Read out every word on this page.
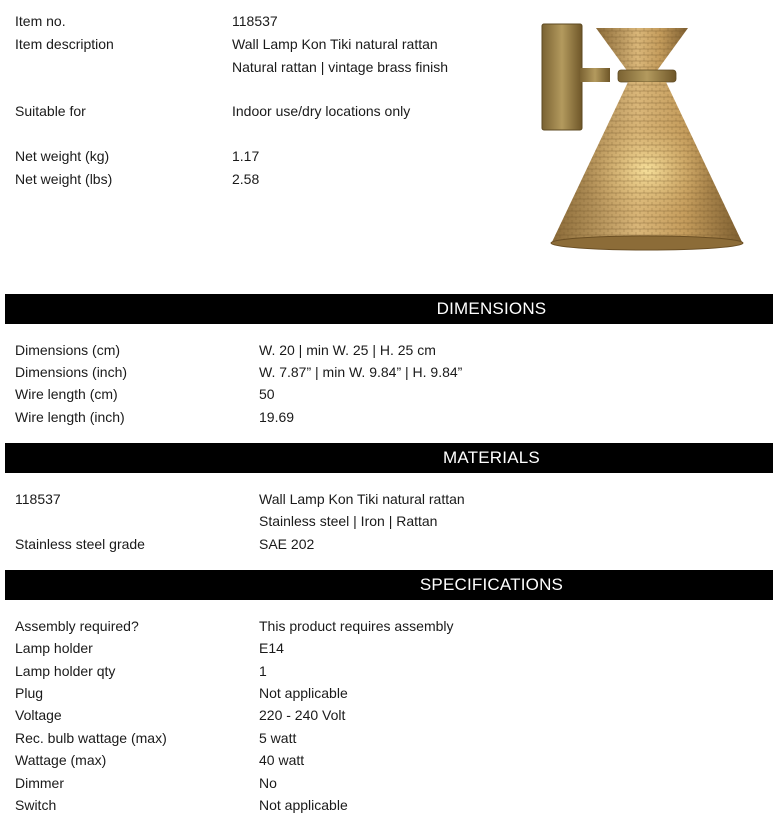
Item no.	118537
Item description	Wall Lamp Kon Tiki natural rattan
Natural rattan | vintage brass finish
Suitable for	Indoor use/dry locations only
Net weight (kg)	1.17
Net weight (lbs)	2.58
DIMENSIONS
Dimensions (cm)	W. 20 | min W. 25 | H. 25 cm
Dimensions (inch)	W. 7.87” | min W. 9.84” | H. 9.84”
Wire length (cm)	50
Wire length (inch)	19.69
MATERIALS
118537	Wall Lamp Kon Tiki natural rattan
Stainless steel | Iron | Rattan
Stainless steel grade	SAE 202
SPECIFICATIONS
Assembly required?	This product requires assembly
Lamp holder	E14
Lamp holder qty	1
Plug	Not applicable
Voltage	220 - 240 Volt
Rec. bulb wattage (max)	5 watt
Wattage (max)	40 watt
Dimmer	No
Switch	Not applicable
